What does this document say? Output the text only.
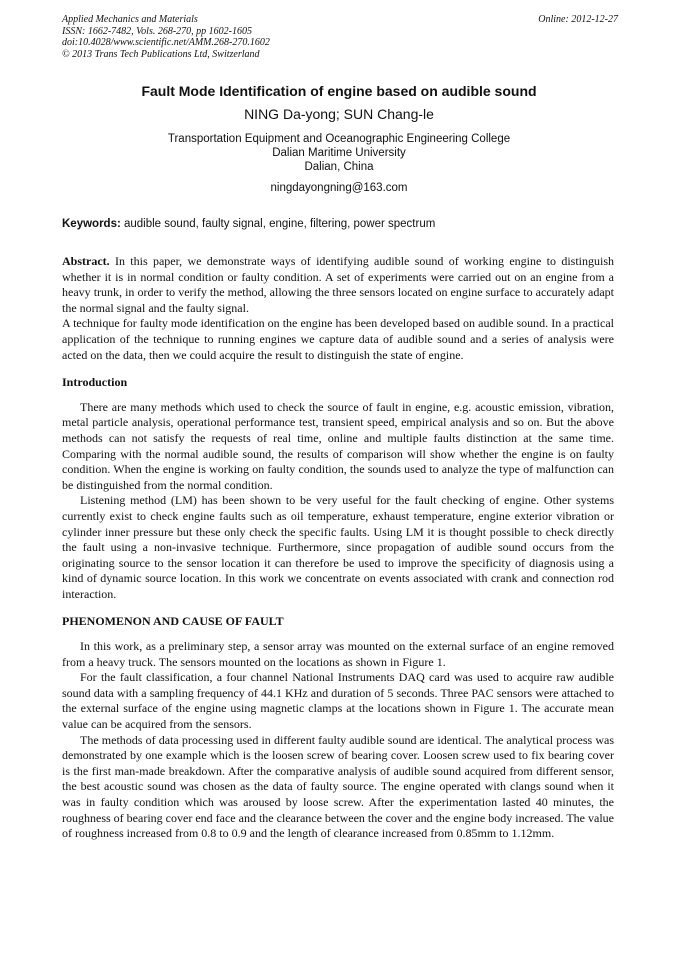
Applied Mechanics and Materials
ISSN: 1662-7482, Vols. 268-270, pp 1602-1605
doi:10.4028/www.scientific.net/AMM.268-270.1602
© 2013 Trans Tech Publications Ltd, Switzerland
Online: 2012-12-27
Fault Mode Identification of engine based on audible sound
NING Da-yong; SUN Chang-le
Transportation Equipment and Oceanographic Engineering College
Dalian Maritime University
Dalian, China
ningdayongning@163.com
Keywords: audible sound, faulty signal, engine, filtering, power spectrum

Abstract. In this paper, we demonstrate ways of identifying audible sound of working engine to distinguish whether it is in normal condition or faulty condition. A set of experiments were carried out on an engine from a heavy trunk, in order to verify the method, allowing the three sensors located on engine surface to accurately adapt the normal signal and the faulty signal.

A technique for faulty mode identification on the engine has been developed based on audible sound. In a practical application of the technique to running engines we capture data of audible sound and a series of analysis were acted on the data, then we could acquire the result to distinguish the state of engine.

Introduction

There are many methods which used to check the source of fault in engine, e.g. acoustic emission, vibration, metal particle analysis, operational performance test, transient speed, empirical analysis and so on. But the above methods can not satisfy the requests of real time, online and multiple faults distinction at the same time. Comparing with the normal audible sound, the results of comparison will show whether the engine is on faulty condition. When the engine is working on faulty condition, the sounds used to analyze the type of malfunction can be distinguished from the normal condition.

Listening method (LM) has been shown to be very useful for the fault checking of engine. Other systems currently exist to check engine faults such as oil temperature, exhaust temperature, engine exterior vibration or cylinder inner pressure but these only check the specific faults. Using LM it is thought possible to check directly the fault using a non-invasive technique. Furthermore, since propagation of audible sound occurs from the originating source to the sensor location it can therefore be used to improve the specificity of diagnosis using a kind of dynamic source location. In this work we concentrate on events associated with crank and connection rod interaction.

PHENOMENON AND CAUSE OF FAULT

In this work, as a preliminary step, a sensor array was mounted on the external surface of an engine removed from a heavy truck. The sensors mounted on the locations as shown in Figure 1.

For the fault classification, a four channel National Instruments DAQ card was used to acquire raw audible sound data with a sampling frequency of 44.1 KHz and duration of 5 seconds. Three PAC sensors were attached to the external surface of the engine using magnetic clamps at the locations shown in Figure 1. The accurate mean value can be acquired from the sensors.

The methods of data processing used in different faulty audible sound are identical. The analytical process was demonstrated by one example which is the loosen screw of bearing cover. Loosen screw used to fix bearing cover is the first man-made breakdown. After the comparative analysis of audible sound acquired from different sensor, the best acoustic sound was chosen as the data of faulty source. The engine operated with clangs sound when it was in faulty condition which was aroused by loose screw. After the experimentation lasted 40 minutes, the roughness of bearing cover end face and the clearance between the cover and the engine body increased. The value of roughness increased from 0.8 to 0.9 and the length of clearance increased from 0.85mm to 1.12mm.
